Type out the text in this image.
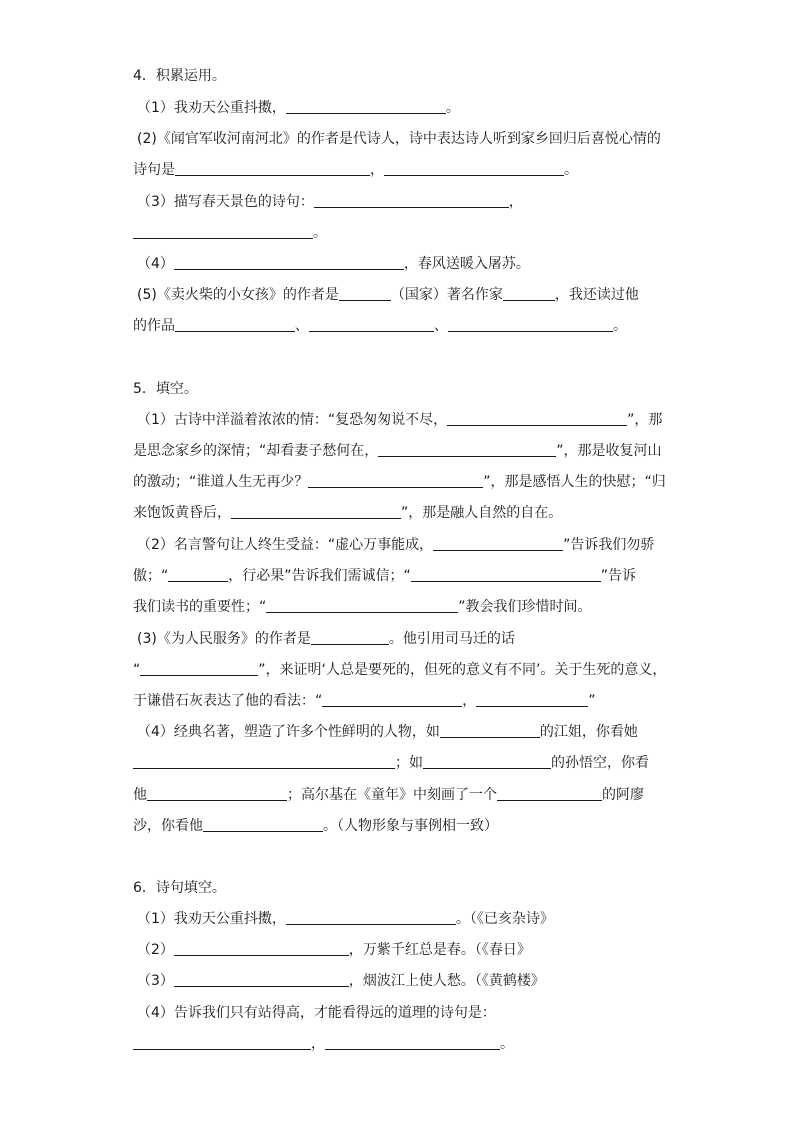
4．积累运用。
（1）我劝天公重抖擞，	。
(2)《闻官军收河南河北》的作者是代诗人，诗中表达诗人听到家乡回归后喜悦心情的
诗句是	，	。
（3）描写春天景色的诗句：	，
。
（4）	，春风送暖入屠苏。
(5)《卖火柴的小女孩》的作者是	（国家）著名作家	，我还读过他
的作品	、	、	。
5．填空。
（1）古诗中洋溢着浓浓的情：“复恐匆匆说不尽，	”，那
是思念家乡的深情；“却看妻子愁何在，	”，那是收复河山
的激动；“谁道人生无再少？	”，那是感悟人生的快慰；“归
来饱饭黄昏后，	”，那是融人自然的自在。
（2）名言警句让人终生受益：“虚心万事能成，	”告诉我们勿骄
傲；“	，行必果”告诉我们需诚信；“	”告诉
我们读书的重要性；“	”教会我们珍惜时间。
(3)《为人民服务》的作者是	。他引用司马迁的话
“	”，来证明‘人总是要死的，但死的意义有不同’。关于生死的意义，
于谦借石灰表达了他的看法：“	，	”
（4）经典名著，塑造了许多个性鲜明的人物，如	的江姐，你看她
；如	的孙悟空，你看
他	；高尔基在《童年》中刻画了一个	的阿廖
沙，你看他	。（人物形象与事例相一致）
6．诗句填空。
（1）我劝天公重抖擞，	。（《已亥杂诗》
（2）	，万紫千红总是春。（《春日》
（3）	，烟波江上使人愁。（《黄鹤楼》
（4）告诉我们只有站得高，才能看得远的道理的诗句是：
，	。
